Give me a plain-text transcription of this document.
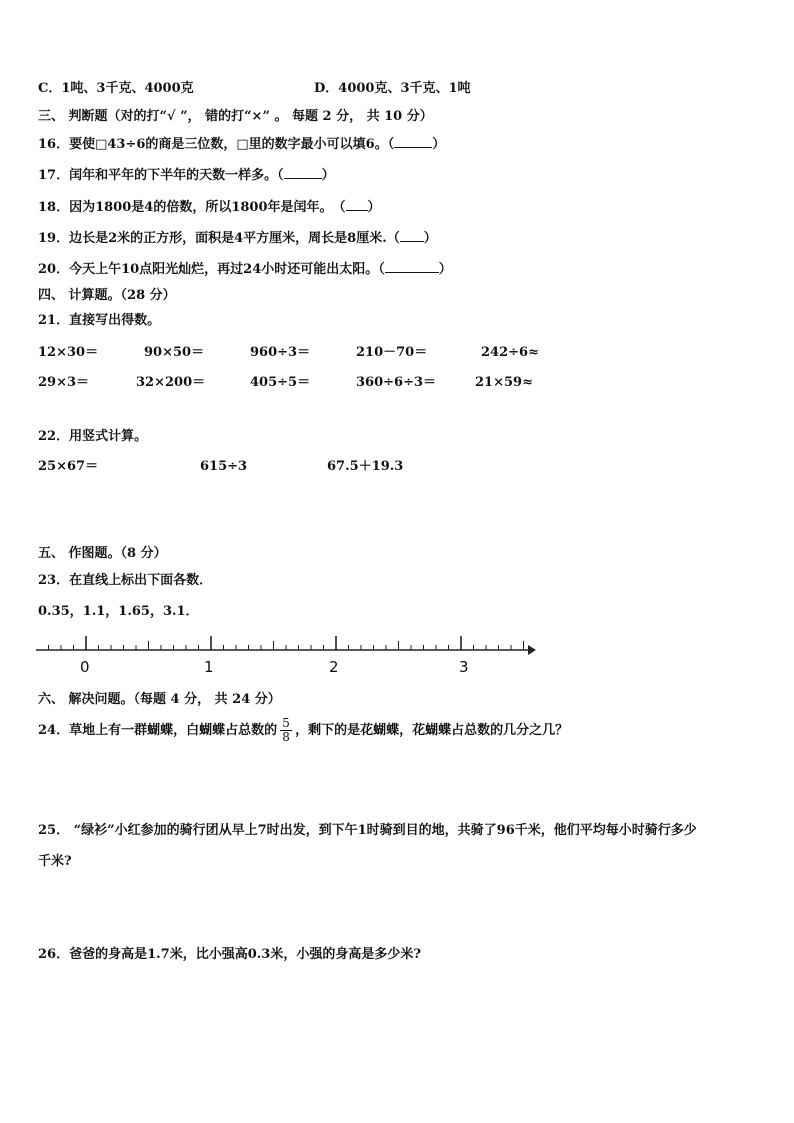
C．1吨、3千克、4000克	D．4000克、3千克、1吨
三、 判断题（对的打“√ ”， 错的打“×” 。 每题 2 分， 共 10 分）
16．要使□43÷6的商是三位数，□里的数字最小可以填6。（	）
17．闰年和平年的下半年的天数一样多。（	）
18．因为1800是4的倍数，所以1800年是闰年。　（ ）
19．边长是2米的正方形，面积是4平方厘米，周长是8厘米.（ ）
20．今天上午10点阳光灿烂，再过24小时还可能出太阳。（	）
四、 计算题。（28 分）
21．直接写出得数。
12×30＝	90×50＝	960÷3＝	210－70＝	242÷6≈
29×3＝	32×200＝	405÷5＝	360÷6÷3＝	21×59≈
22．用竖式计算。
25×67＝	615÷3	67.5＋19.3
五、 作图题。（8 分）
23．在直线上标出下面各数．
0.35，1.1，1.65，3.1．
0	1	2	3
六、 解决问题。（每题 4 分， 共 24 分）
24．草地上有一群蝴蝶，白蝴蝶占总数的 $\frac{5}{8}$ ，剩下的是花蝴蝶，花蝴蝶占总数的几分之几？
25． “绿衫”小红参加的骑行团从早上7时出发，到下午1时骑到目的地，共骑了96千米，他们平均每小时骑行多少
千米?
26．爸爸的身高是1.7米，比小强高0.3米，小强的身高是多少米?
